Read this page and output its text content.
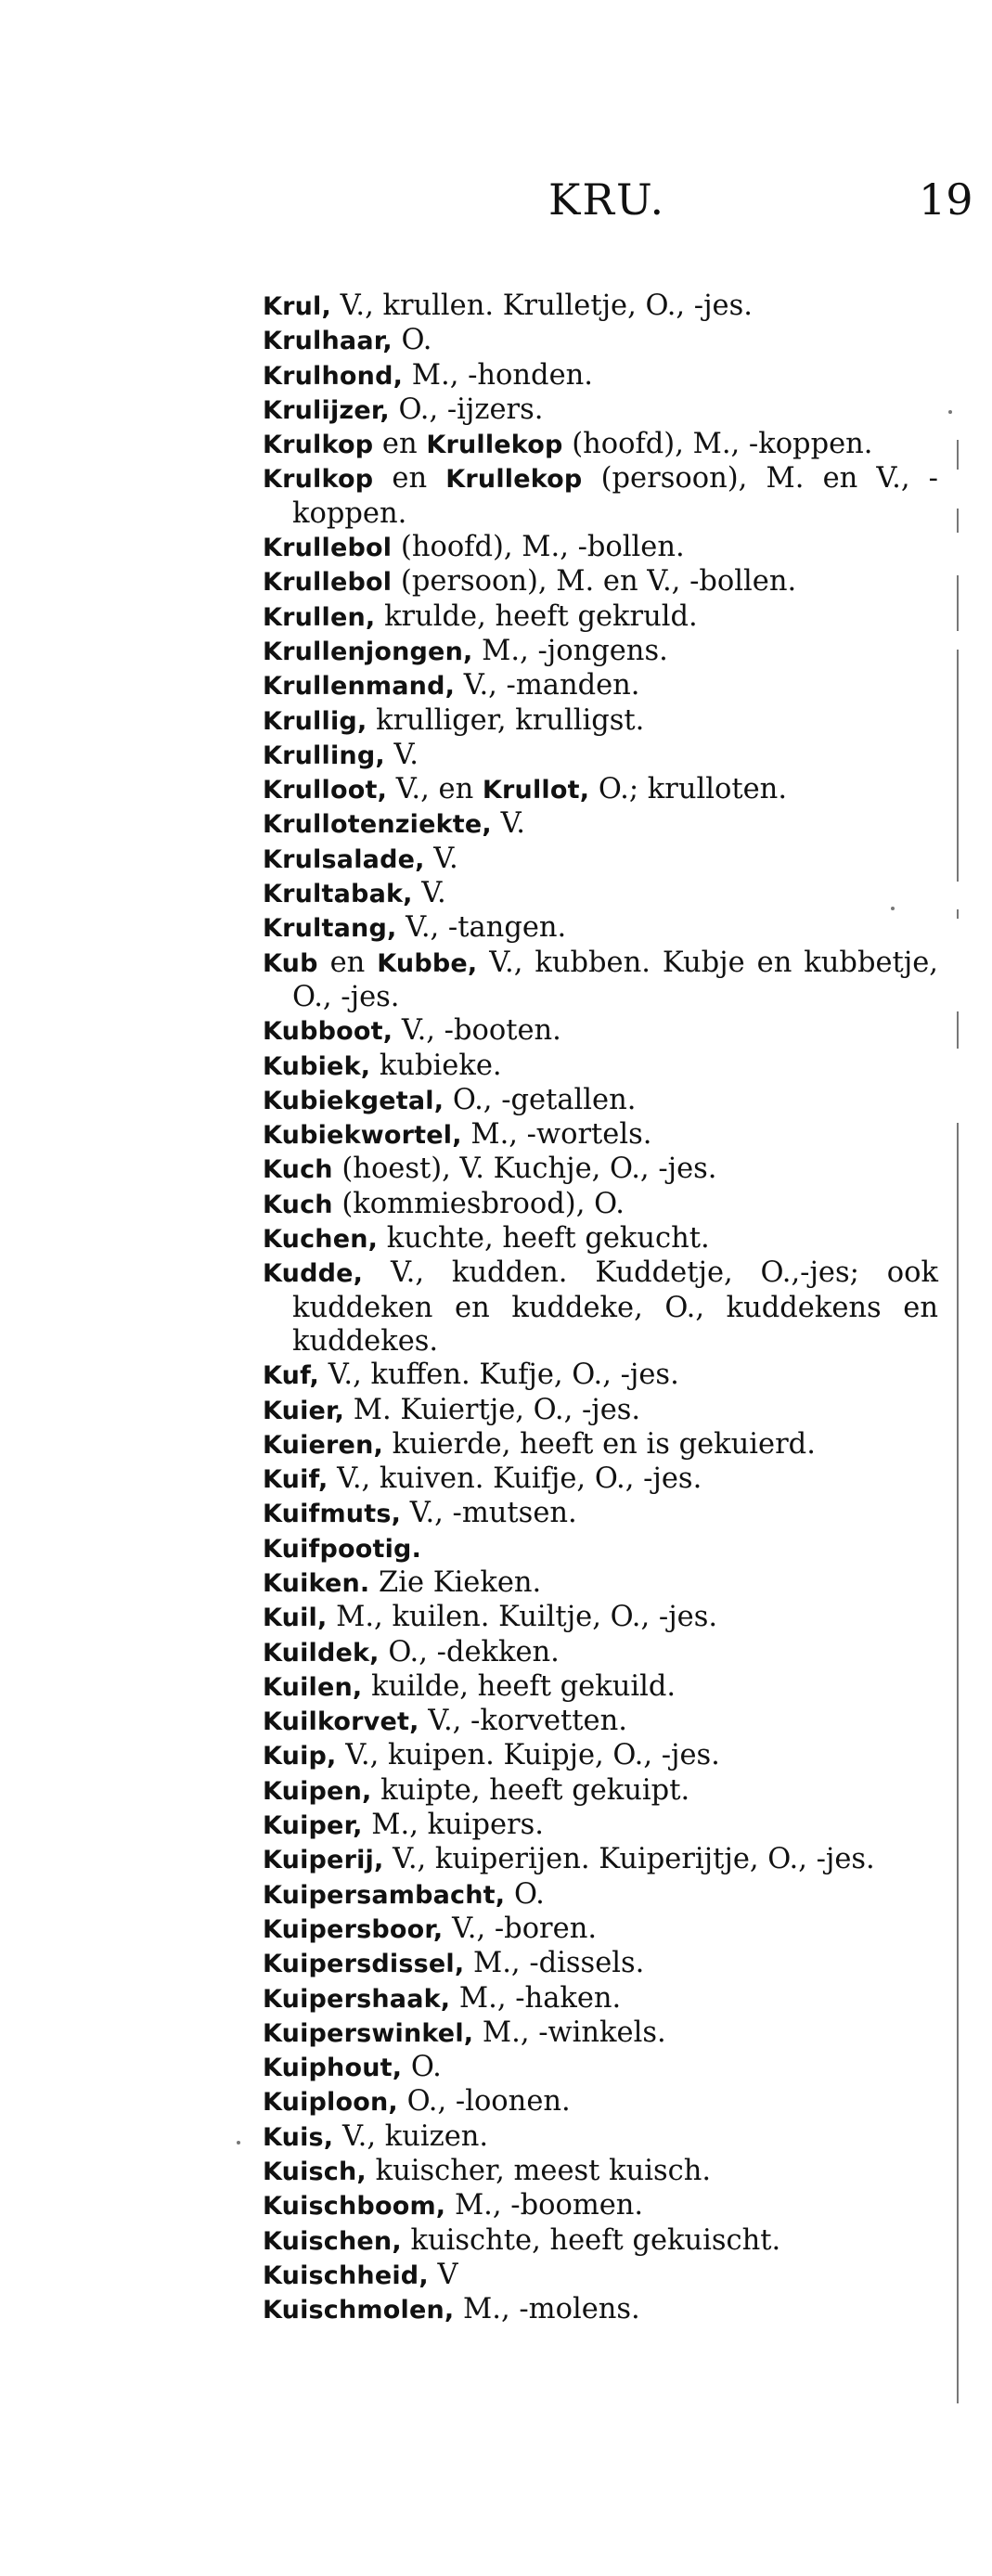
KRU.	19
Krul, V., krullen. Krulletje, O., -jes.
Krulhaar, O.
Krulhond, M., -honden.
Krulijzer, O., -ijzers.
Krulkop en Krullekop (hoofd), M., -koppen.
Krulkop en Krullekop (persoon), M. en V., -koppen.
Krullebol (hoofd), M., -bollen.
Krullebol (persoon), M. en V., -bollen.
Krullen, krulde, heeft gekruld.
Krullenjongen, M., -jongens.
Krullenmand, V., -manden.
Krullig, krulliger, krulligst.
Krulling, V.
Krulloot, V., en Krullot, O.; krulloten.
Krullotenziekte, V.
Krulsalade, V.
Krultabak, V.
Krultang, V., -tangen.
Kub en Kubbe, V., kubben. Kubje en kubbetje, O., -jes.
Kubboot, V., -booten.
Kubiek, kubieke.
Kubiekgetal, O., -getallen.
Kubiekwortel, M., -wortels.
Kuch (hoest), V. Kuchje, O., -jes.
Kuch (kommiesbrood), O.
Kuchen, kuchte, heeft gekucht.
Kudde, V., kudden. Kuddetje, O.,-jes; ook kuddeken en kuddeke, O., kuddekens en kuddekes.
Kuf, V., kuffen. Kufje, O., -jes.
Kuier, M. Kuiertje, O., -jes.
Kuieren, kuierde, heeft en is gekuierd.
Kuif, V., kuiven. Kuifje, O., -jes.
Kuifmuts, V., -mutsen.
Kuifpootig.
Kuiken. Zie Kieken.
Kuil, M., kuilen. Kuiltje, O., -jes.
Kuildek, O., -dekken.
Kuilen, kuilde, heeft gekuild.
Kuilkorvet, V., -korvetten.
Kuip, V., kuipen. Kuipje, O., -jes.
Kuipen, kuipte, heeft gekuipt.
Kuiper, M., kuipers.
Kuiperij, V., kuiperijen. Kuiperijtje, O., -jes.
Kuipersambacht, O.
Kuipersboor, V., -boren.
Kuipersdissel, M., -dissels.
Kuipershaak, M., -haken.
Kuiperswinkel, M., -winkels.
Kuiphout, O.
Kuiploon, O., -loonen.
Kuis, V., kuizen.
Kuisch, kuischer, meest kuisch.
Kuischboom, M., -boomen.
Kuischen, kuischte, heeft gekuischt.
Kuischheid, V
Kuischmolen, M., -molens.
